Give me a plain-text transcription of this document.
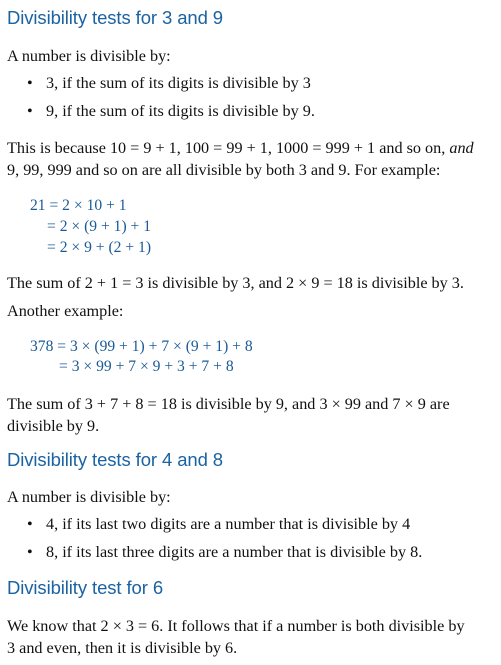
Divisibility tests for 3 and 9
A number is divisible by:
• 3, if the sum of its digits is divisible by 3
• 9, if the sum of its digits is divisible by 9.
This is because 10 = 9 + 1, 100 = 99 + 1, 1000 = 999 + 1 and so on, and
9, 99, 999 and so on are all divisible by both 3 and 9. For example:
21 = 2 × 10 + 1
= 2 × (9 + 1) + 1
= 2 × 9 + (2 + 1)
The sum of 2 + 1 = 3 is divisible by 3, and 2 × 9 = 18 is divisible by 3.
Another example:
378 = 3 × (99 + 1) + 7 × (9 + 1) + 8
= 3 × 99 + 7 × 9 + 3 + 7 + 8
The sum of 3 + 7 + 8 = 18 is divisible by 9, and 3 × 99 and 7 × 9 are
divisible by 9.
Divisibility tests for 4 and 8
A number is divisible by:
• 4, if its last two digits are a number that is divisible by 4
• 8, if its last three digits are a number that is divisible by 8.
Divisibility test for 6
We know that 2 × 3 = 6. It follows that if a number is both divisible by
3 and even, then it is divisible by 6.
